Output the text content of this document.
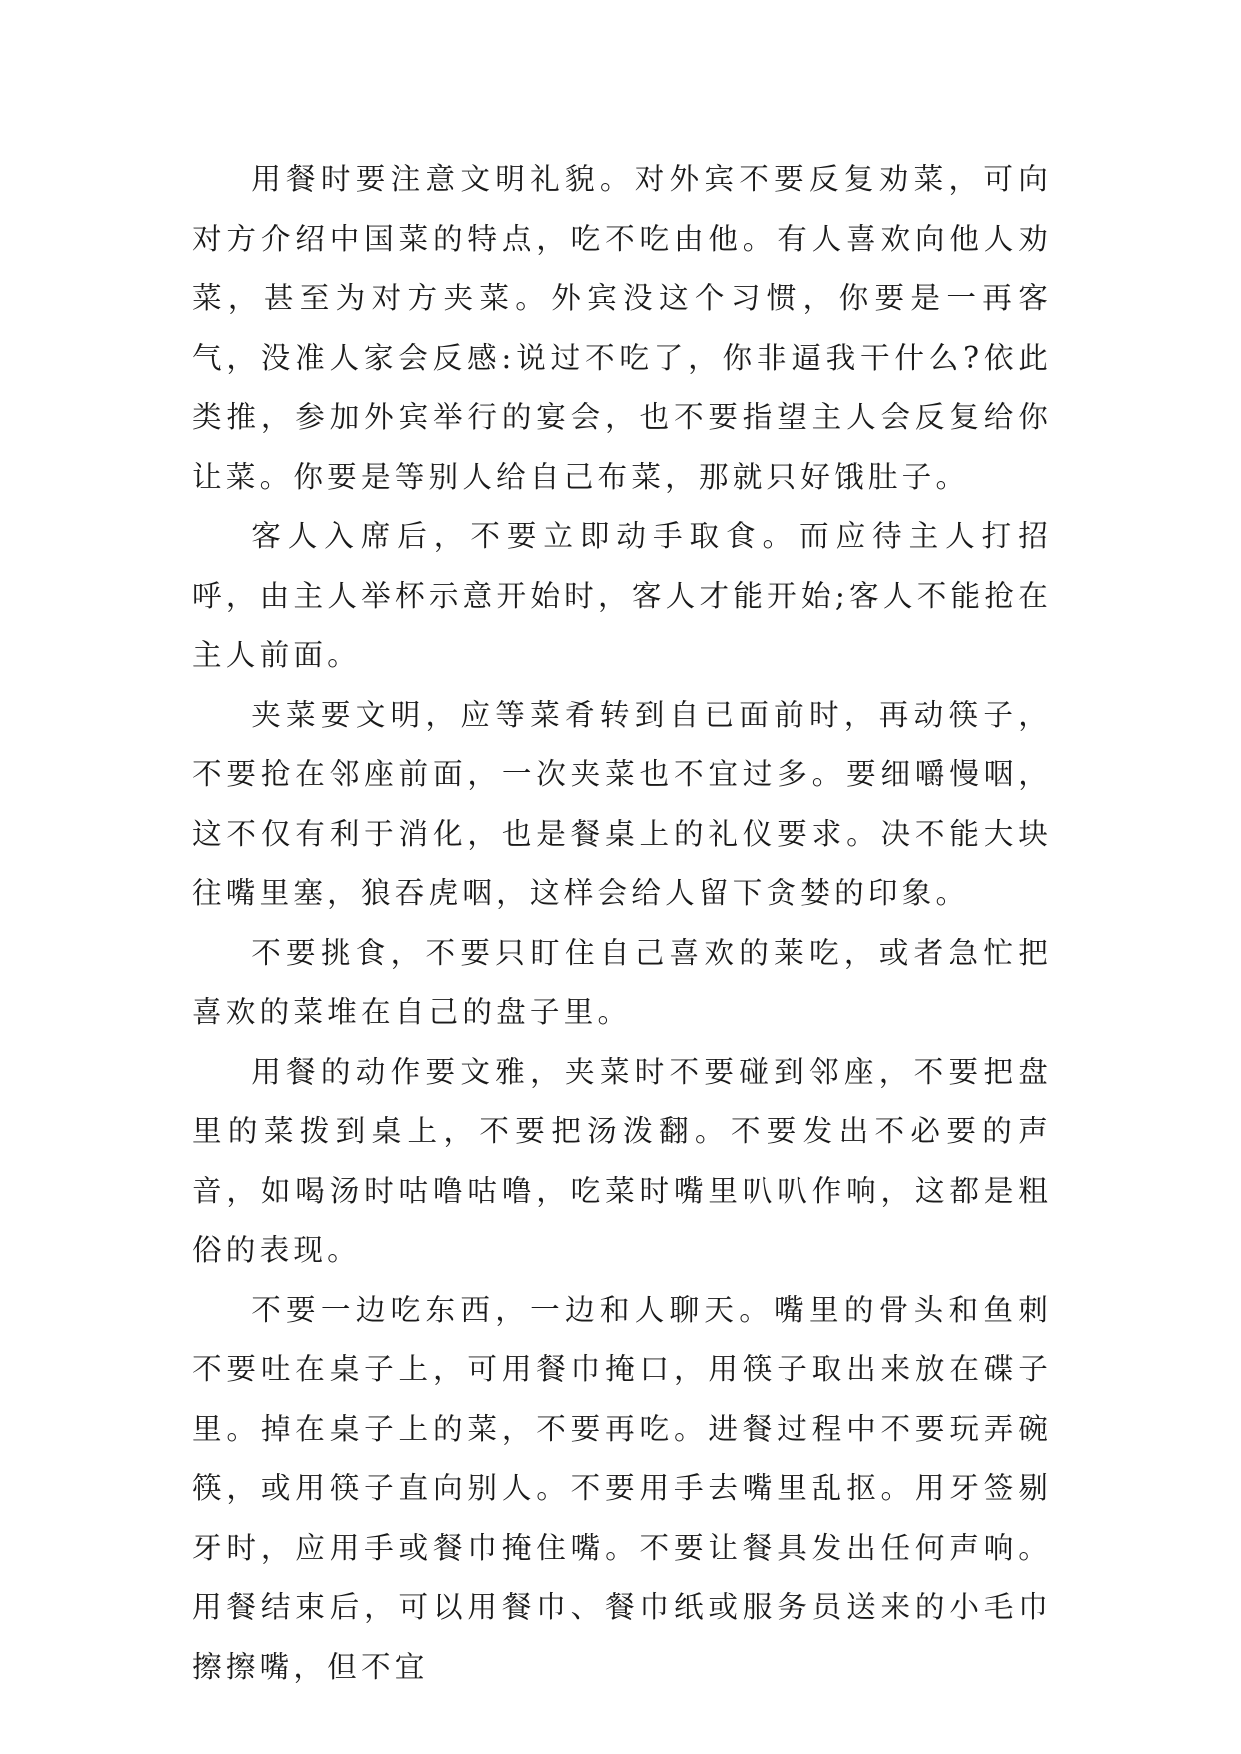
用餐时要注意文明礼貌。对外宾不要反复劝菜，可向对方介绍中国菜的特点，吃不吃由他。有人喜欢向他人劝菜，甚至为对方夹菜。外宾没这个习惯，你要是一再客气，没准人家会反感:说过不吃了，你非逼我干什么?依此类推，参加外宾举行的宴会，也不要指望主人会反复给你让菜。你要是等别人给自己布菜，那就只好饿肚子。

客人入席后，不要立即动手取食。而应待主人打招呼，由主人举杯示意开始时，客人才能开始;客人不能抢在主人前面。

夹菜要文明，应等菜肴转到自已面前时，再动筷子，不要抢在邻座前面，一次夹菜也不宜过多。要细嚼慢咽，这不仅有利于消化，也是餐桌上的礼仪要求。决不能大块往嘴里塞，狼吞虎咽，这样会给人留下贪婪的印象。

不要挑食，不要只盯住自己喜欢的莱吃，或者急忙把喜欢的菜堆在自己的盘子里。

用餐的动作要文雅，夹菜时不要碰到邻座，不要把盘里的菜拨到桌上，不要把汤泼翻。不要发出不必要的声音，如喝汤时咕噜咕噜，吃菜时嘴里叭叭作响，这都是粗俗的表现。

不要一边吃东西，一边和人聊天。嘴里的骨头和鱼刺不要吐在桌子上，可用餐巾掩口，用筷子取出来放在碟子里。掉在桌子上的菜，不要再吃。进餐过程中不要玩弄碗筷，或用筷子直向别人。不要用手去嘴里乱抠。用牙签剔牙时，应用手或餐巾掩住嘴。不要让餐具发出任何声响。用餐结束后，可以用餐巾、餐巾纸或服务员送来的小毛巾擦擦嘴，但不宜
